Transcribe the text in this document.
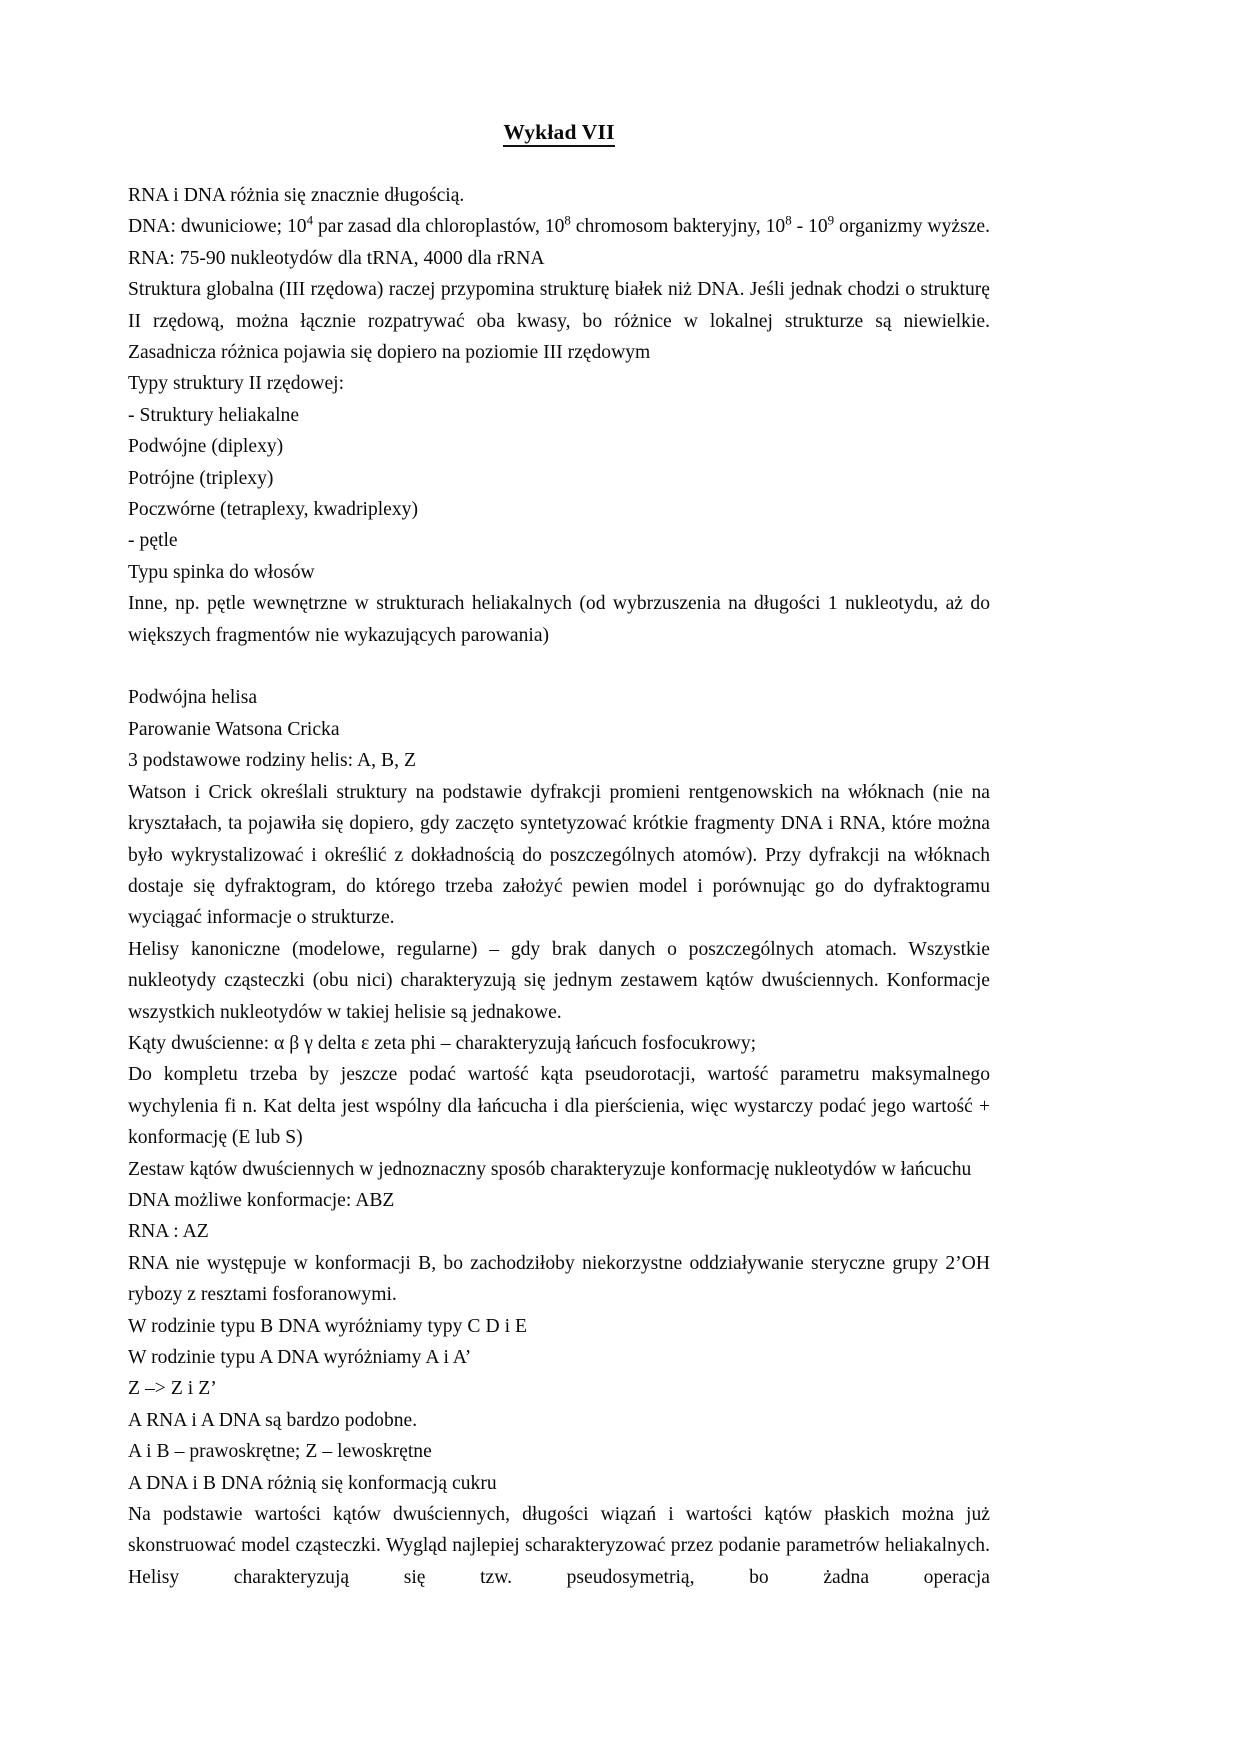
Wykład VII

RNA i DNA różnia się znacznie długością.

DNA: dwuniciowe; $10^4$ par zasad dla chloroplastów, $10^8$ chromosom bakteryjny, $10^8 - 10^9$ organizmy wyższe.

RNA: 75-90 nukleotydów dla tRNA, 4000 dla rRNA

Struktura globalna (III rzędowa) raczej przypomina strukturę białek niż DNA. Jeśli jednak chodzi o strukturę II rzędową, można łącznie rozpatrywać oba kwasy, bo różnice w lokalnej strukturze są niewielkie. Zasadnicza różnica pojawia się dopiero na poziomie III rzędowym

Typy struktury II rzędowej:

- Struktury heliakalne

Podwójne (diplexy)

Potrójne (triplexy)

Poczwórne (tetraplexy, kwadriplexy)

- pętle

Typu spinka do włosów

Inne, np. pętle wewnętrzne w strukturach heliakalnych (od wybrzuszenia na długości 1 nukleotydu, aż do większych fragmentów nie wykazujących parowania)

Podwójna helisa

Parowanie Watsona Cricka

3 podstawowe rodziny helis: A, B, Z

Watson i Crick określali struktury na podstawie dyfrakcji promieni rentgenowskich na włóknach (nie na kryształach, ta pojawiła się dopiero, gdy zaczęto syntetyzować krótkie fragmenty DNA i RNA, które można było wykrystalizować i określić z dokładnością do poszczególnych atomów). Przy dyfrakcji na włóknach dostaje się dyfraktogram, do którego trzeba założyć pewien model i porównując go do dyfraktogramu wyciągać informacje o strukturze.

Helisy kanoniczne (modelowe, regularne) – gdy brak danych o poszczególnych atomach. Wszystkie nukleotydy cząsteczki (obu nici) charakteryzują się jednym zestawem kątów dwuściennych. Konformacje wszystkich nukleotydów w takiej helisie są jednakowe.

Kąty dwuścienne: α β γ delta ε zeta phi – charakteryzują łańcuch fosfocukrowy;

Do kompletu trzeba by jeszcze podać wartość kąta pseudorotacji, wartość parametru maksymalnego wychylenia fi n. Kat delta jest wspólny dla łańcucha i dla pierścienia, więc wystarczy podać jego wartość + konformację (E lub S)

Zestaw kątów dwuściennych w jednoznaczny sposób charakteryzuje konformację nukleotydów w łańcuchu

DNA możliwe konformacje: ABZ

RNA : AZ

RNA nie występuje w konformacji B, bo zachodziłoby niekorzystne oddziaływanie steryczne grupy 2’OH rybozy z resztami fosforanowymi.

W rodzinie typu B DNA wyróżniamy typy C D i E

W rodzinie typu A DNA wyróżniamy A i A’

Z –> Z i Z’

A RNA i A DNA są bardzo podobne.

A i B – prawoskrętne; Z – lewoskrętne

A DNA i B DNA różnią się konformacją cukru

Na podstawie wartości kątów dwuściennych, długości wiązań i wartości kątów płaskich można już skonstruować model cząsteczki. Wygląd najlepiej scharakteryzować przez podanie parametrów heliakalnych. Helisy charakteryzują się tzw. pseudosymetrią, bo żadna operacja
